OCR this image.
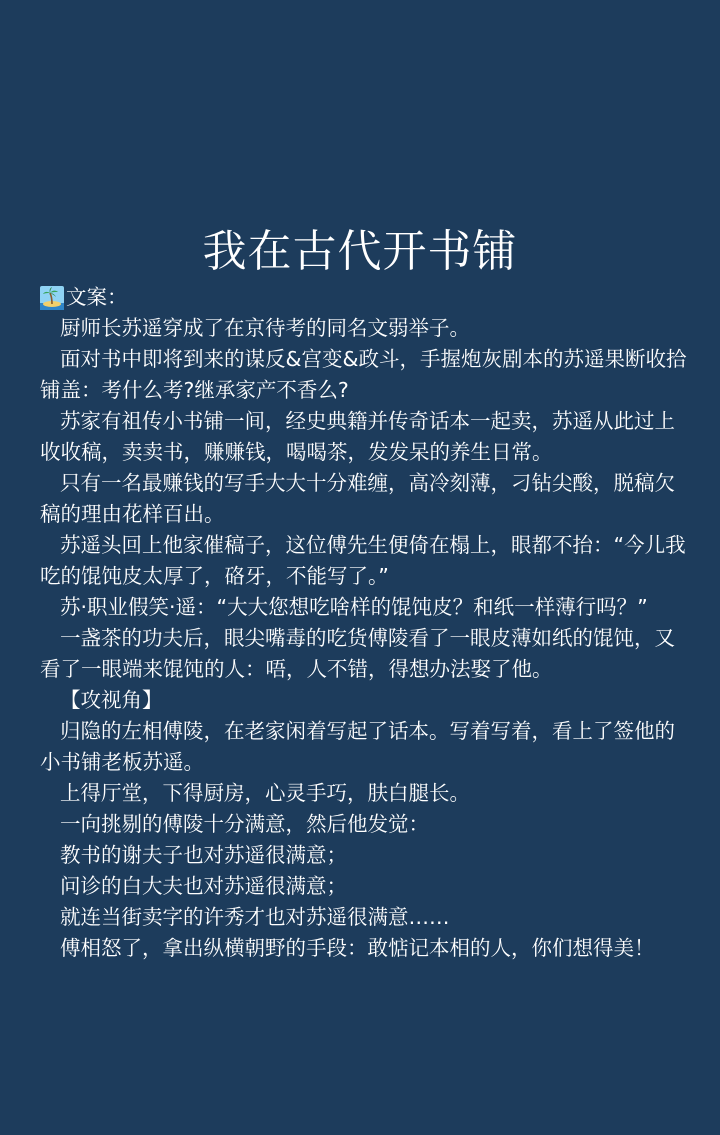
我在古代开书铺
文案：

厨师长苏遥穿成了在京待考的同名文弱举子。

面对书中即将到来的谋反&宫变&政斗，手握炮灰剧本的苏遥果断收拾铺盖：考什么考?继承家产不香么?

苏家有祖传小书铺一间，经史典籍并传奇话本一起卖，苏遥从此过上收收稿，卖卖书，赚赚钱，喝喝茶，发发呆的养生日常。

只有一名最赚钱的写手大大十分难缠，高冷刻薄，刁钻尖酸，脱稿欠稿的理由花样百出。

苏遥头回上他家催稿子，这位傅先生便倚在榻上，眼都不抬：“今儿我吃的馄饨皮太厚了，硌牙，不能写了。”

苏·职业假笑·遥：“大大您想吃啥样的馄饨皮？和纸一样薄行吗？”

一盏茶的功夫后，眼尖嘴毒的吃货傅陵看了一眼皮薄如纸的馄饨，又看了一眼端来馄饨的人：唔，人不错，得想办法娶了他。

【攻视角】

归隐的左相傅陵，在老家闲着写起了话本。写着写着，看上了签他的小书铺老板苏遥。

上得厅堂，下得厨房，心灵手巧，肤白腿长。

一向挑剔的傅陵十分满意，然后他发觉：

教书的谢夫子也对苏遥很满意；

问诊的白大夫也对苏遥很满意；

就连当街卖字的许秀才也对苏遥很满意……

傅相怒了，拿出纵横朝野的手段：敢惦记本相的人，你们想得美！
